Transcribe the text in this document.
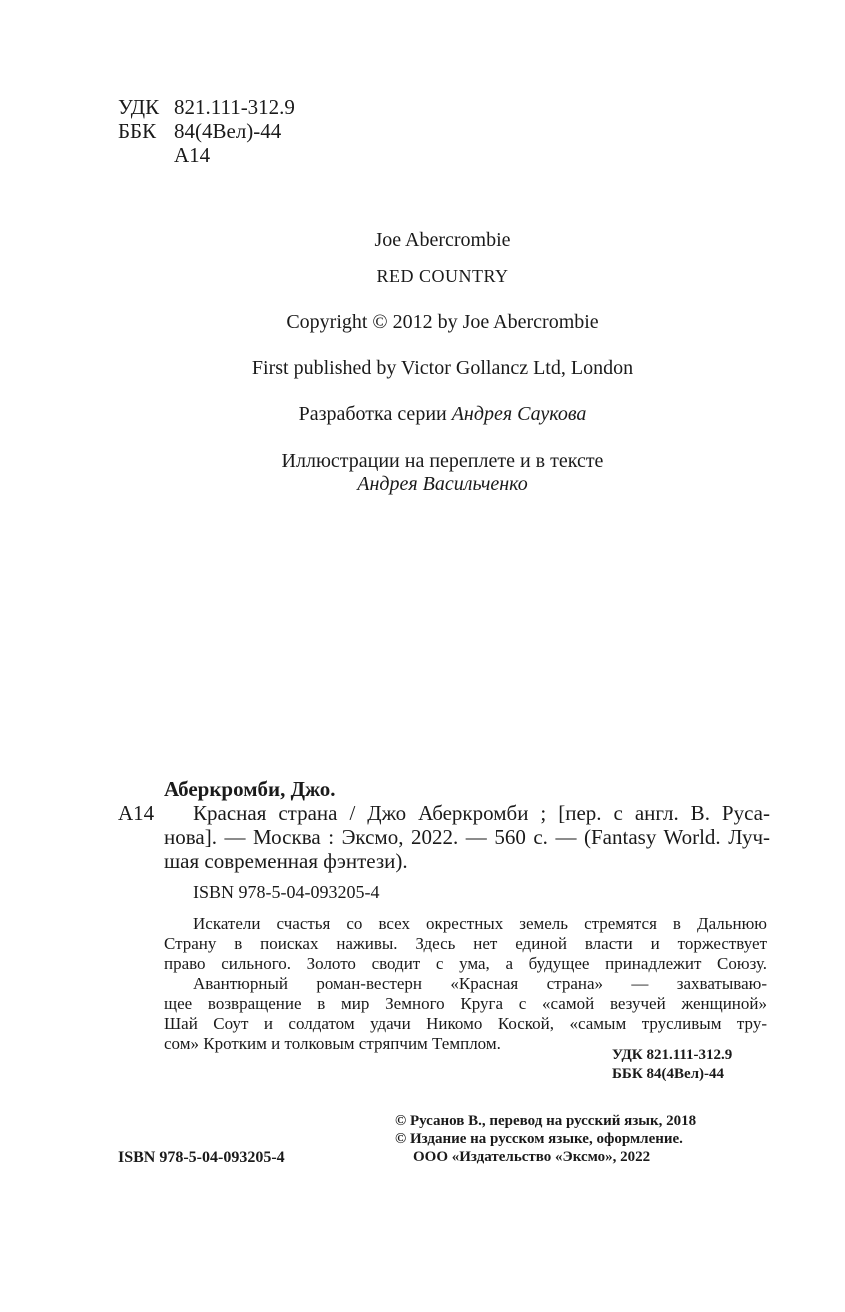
УДК 821.111-312.9
ББК 84(4Вел)-44
А14
Joe Abercrombie
RED COUNTRY
Copyright © 2012 by Joe Abercrombie
First published by Victor Gollancz Ltd, London
Разработка серии Андрея Саукова
Иллюстрации на переплете и в тексте
Андрея Васильченко
Аберкромби, Джо.
А14 Красная страна / Джо Аберкромби ; [пер. с англ. В. Руса-
нова]. — Москва : Эксмо, 2022. — 560 с. — (Fantasy World. Луч-
шая современная фэнтези).
ISBN 978-5-04-093205-4
Искатели счастья со всех окрестных земель стремятся в Дальнюю
Страну в поисках наживы. Здесь нет единой власти и торжествует
право сильного. Золото сводит с ума, а будущее принадлежит Союзу.
Авантюрный роман-вестерн «Красная страна» — захватываю-
щее возвращение в мир Земного Круга с «самой везучей женщиной»
Шай Соут и солдатом удачи Никомо Коской, «самым трусливым тру-
сом» Кротким и толковым стряпчим Темплом.
УДК 821.111-312.9
ББК 84(4Вел)-44
ISBN 978-5-04-093205-4
© Русанов В., перевод на русский язык, 2018
© Издание на русском языке, оформление.
ООО «Издательство «Эксмо», 2022
